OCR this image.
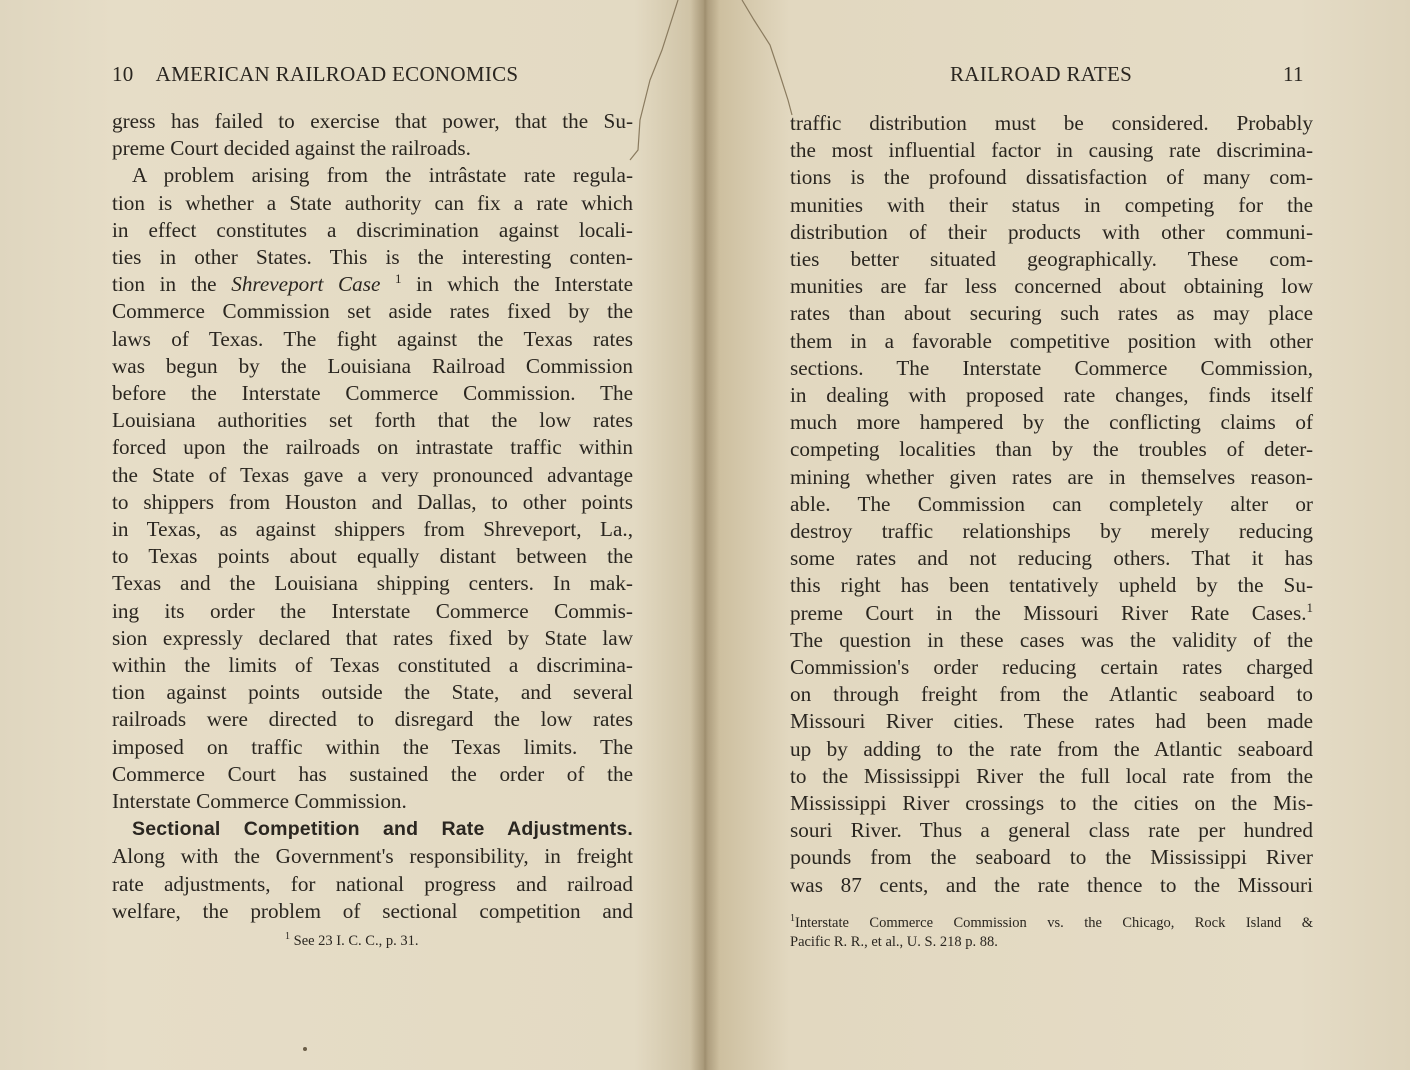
10 AMERICAN RAILROAD ECONOMICS

gress has failed to exercise that power, that the Su-
preme Court decided against the railroads.

A problem arising from the intrâstate rate regula-
tion is whether a State authority can fix a rate which
in effect constitutes a discrimination against locali-
ties in other States. This is the interesting conten-
tion in the Shreveport Case $^1$ in which the Interstate
Commerce Commission set aside rates fixed by the
laws of Texas. The fight against the Texas rates
was begun by the Louisiana Railroad Commission
before the Interstate Commerce Commission. The
Louisiana authorities set forth that the low rates
forced upon the railroads on intrastate traffic within
the State of Texas gave a very pronounced advantage
to shippers from Houston and Dallas, to other points
in Texas, as against shippers from Shreveport, La.,
to Texas points about equally distant between the
Texas and the Louisiana shipping centers. In mak-
ing its order the Interstate Commerce Commis-
sion expressly declared that rates fixed by State law
within the limits of Texas constituted a discrimina-
tion against points outside the State, and several
railroads were directed to disregard the low rates
imposed on traffic within the Texas limits. The
Commerce Court has sustained the order of the
Interstate Commerce Commission.

Sectional Competition and Rate Adjustments.
Along with the Government's responsibility, in freight
rate adjustments, for national progress and railroad
welfare, the problem of sectional competition and

$^1$ See 23 I. C. C., p. 31.
RAILROAD RATES	11

traffic distribution must be considered. Probably
the most influential factor in causing rate discrimina-
tions is the profound dissatisfaction of many com-
munities with their status in competing for the
distribution of their products with other communi-
ties better situated geographically. These com-
munities are far less concerned about obtaining low
rates than about securing such rates as may place
them in a favorable competitive position with other
sections. The Interstate Commerce Commission,
in dealing with proposed rate changes, finds itself
much more hampered by the conflicting claims of
competing localities than by the troubles of deter-
mining whether given rates are in themselves reason-
able. The Commission can completely alter or
destroy traffic relationships by merely reducing
some rates and not reducing others. That it has
this right has been tentatively upheld by the Su-
preme Court in the Missouri River Rate Cases.$^1$
The question in these cases was the validity of the
Commission's order reducing certain rates charged
on through freight from the Atlantic seaboard to
Missouri River cities. These rates had been made
up by adding to the rate from the Atlantic seaboard
to the Mississippi River the full local rate from the
Mississippi River crossings to the cities on the Mis-
souri River. Thus a general class rate per hundred
pounds from the seaboard to the Mississippi River
was 87 cents, and the rate thence to the Missouri

$^1$Interstate Commerce Commission vs. the Chicago, Rock Island &
Pacific R. R., et al., U. S. 218 p. 88.
